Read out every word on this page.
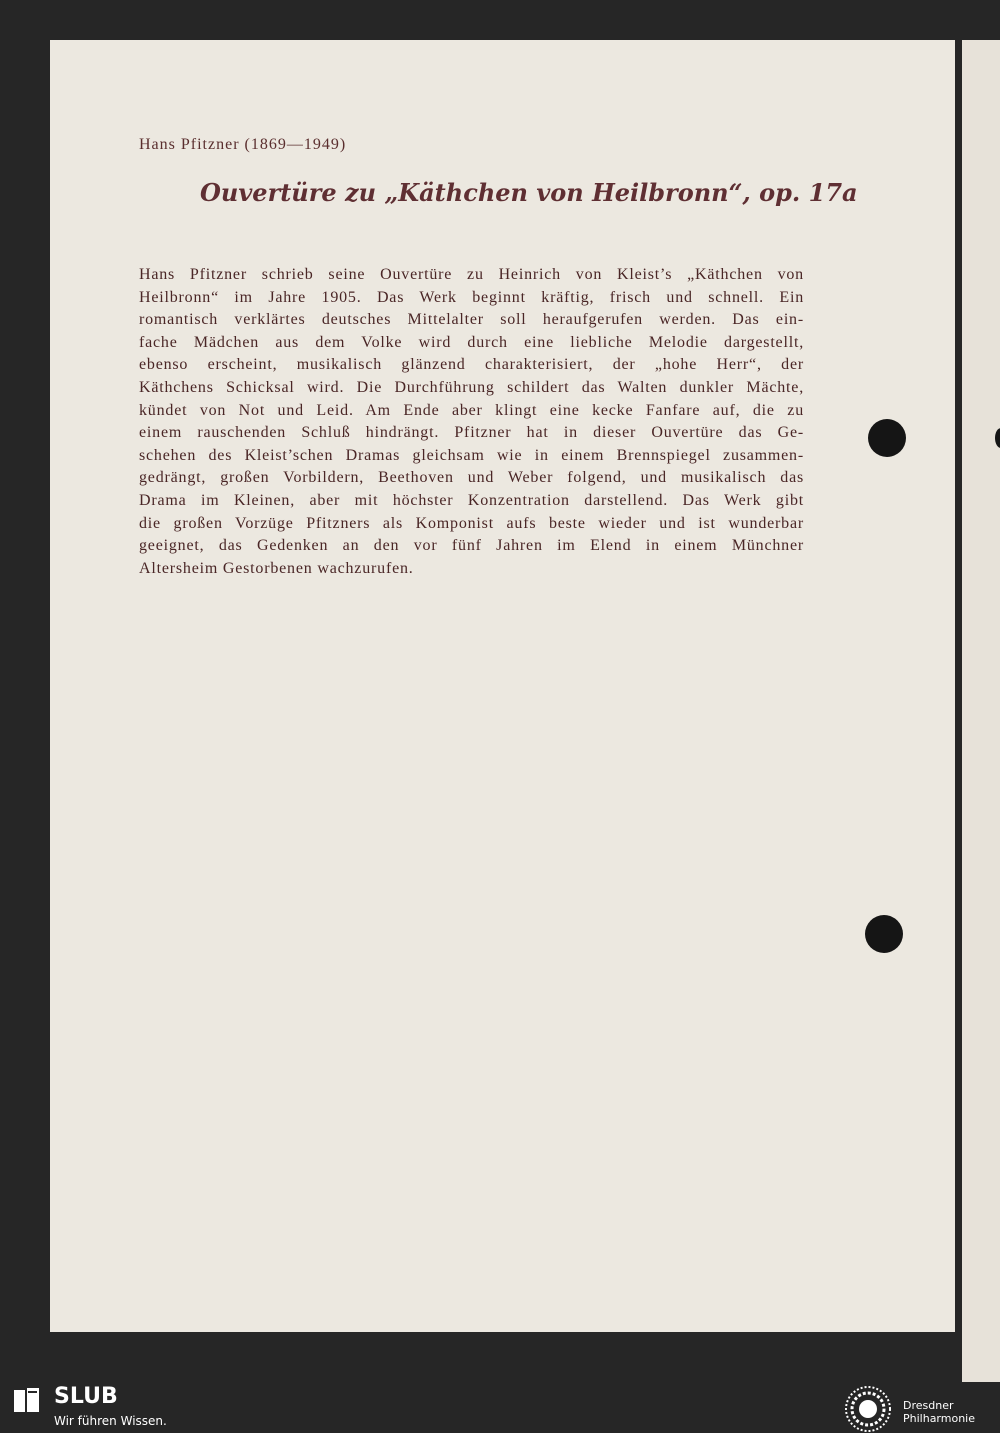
Hans Pfitzner (1869—1949)

Ouvertüre zu „Käthchen von Heilbronn“, op. 17a
Hans Pfitzner schrieb seine Ouvertüre zu Heinrich von Kleist’s „Käthchen von
Heilbronn“ im Jahre 1905. Das Werk beginnt kräftig, frisch und schnell. Ein
romantisch verklärtes deutsches Mittelalter soll heraufgerufen werden. Das ein-
fache Mädchen aus dem Volke wird durch eine liebliche Melodie dargestellt,
ebenso erscheint, musikalisch glänzend charakterisiert, der „hohe Herr“, der
Käthchens Schicksal wird. Die Durchführung schildert das Walten dunkler Mächte,
kündet von Not und Leid. Am Ende aber klingt eine kecke Fanfare auf, die zu
einem rauschenden Schluß hindrängt. Pfitzner hat in dieser Ouvertüre das Ge-
schehen des Kleist’schen Dramas gleichsam wie in einem Brennspiegel zusammen-
gedrängt, großen Vorbildern, Beethoven und Weber folgend, und musikalisch das
Drama im Kleinen, aber mit höchster Konzentration darstellend. Das Werk gibt
die großen Vorzüge Pfitzners als Komponist aufs beste wieder und ist wunderbar
geeignet, das Gedenken an den vor fünf Jahren im Elend in einem Münchner
Altersheim Gestorbenen wachzurufen.

SLUB

Wir führen Wissen.

Dresdner

Philharmonie
